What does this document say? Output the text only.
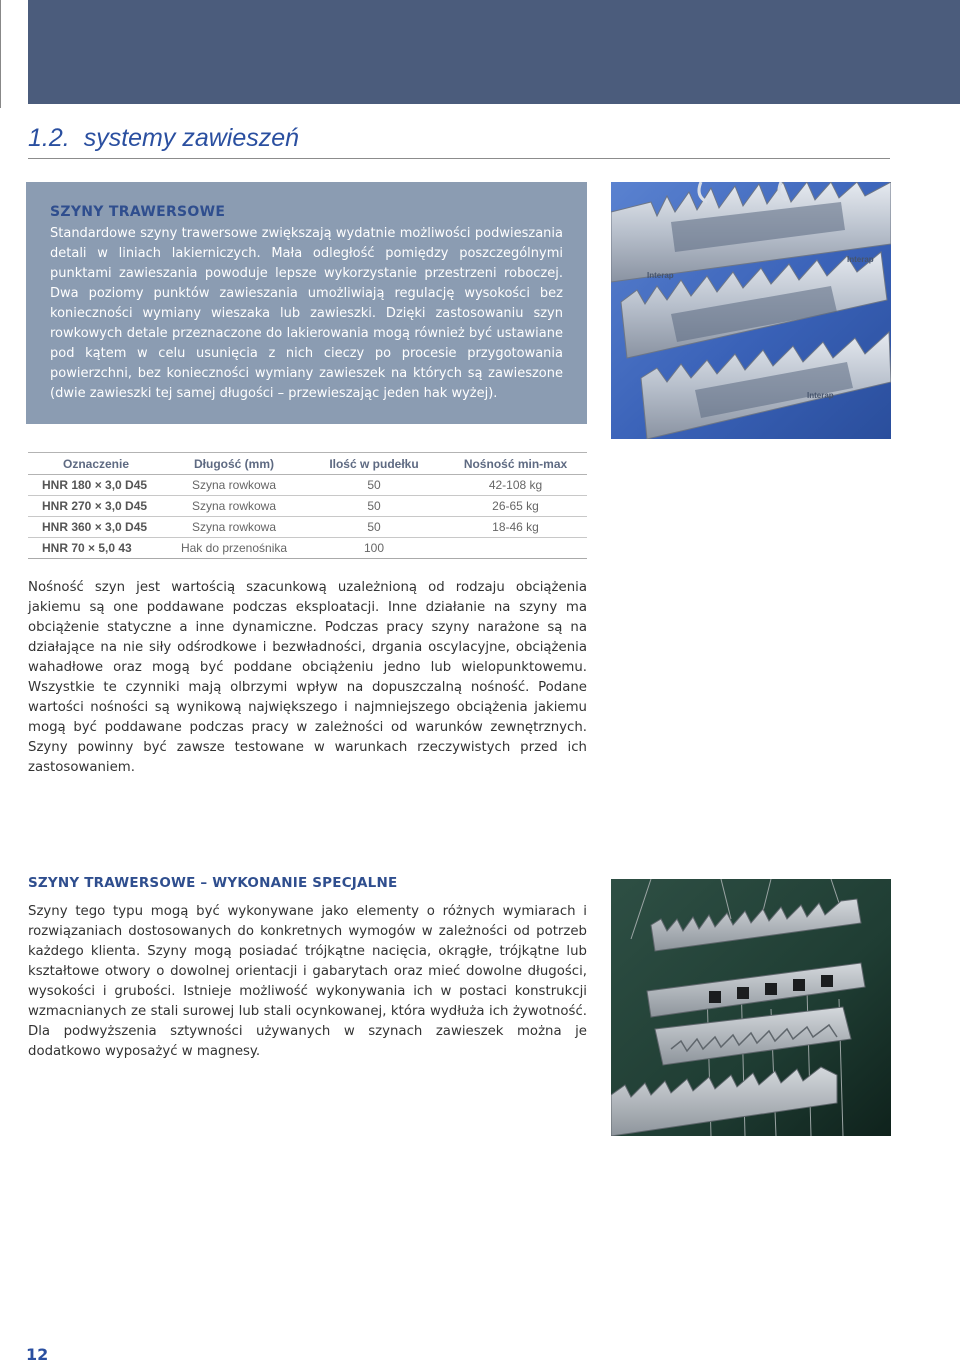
1.2. systemy zawieszeń
SZYNY TRAWERSOWE

Standardowe szyny trawersowe zwiększają wydatnie możliwości podwieszania detali w liniach lakierniczych. Mała odległość pomiędzy poszczególnymi punktami zawieszania powoduje lepsze wykorzystanie przestrzeni roboczej. Dwa poziomy punktów zawieszania umożliwiają regulację wysokości bez konieczności wymiany wieszaka lub zawieszki. Dzięki zastosowaniu szyn rowkowych detale przeznaczone do lakierowania mogą również być ustawiane pod kątem w celu usunięcia z nich cieczy po procesie przygotowania powierzchni, bez konieczności wymiany zawieszek na których są zawieszone (dwie zawieszki tej samej długości – przewieszając jeden hak wyżej).

Interap
Interap
Interap
Oznaczenie	Długość (mm)	Ilość w pudełku	Nośność min-max
HNR 180 × 3,0 D45	Szyna rowkowa	50	42-108 kg
HNR 270 × 3,0 D45	Szyna rowkowa	50	26-65 kg
HNR 360 × 3,0 D45	Szyna rowkowa	50	18-46 kg
HNR 70 × 5,0 43	Hak do przenośnika	100	

Nośność szyn jest wartością szacunkową uzależnioną od rodzaju obciążenia jakiemu są one poddawane podczas eksploatacji. Inne działanie na szyny ma obciążenie statyczne a inne dynamiczne. Podczas pracy szyny narażone są na działające na nie siły odśrodkowe i bezwładności, drgania oscylacyjne, obciążenia wahadłowe oraz mogą być poddane obciążeniu jedno lub wielopunktowemu. Wszystkie te czynniki mają olbrzymi wpływ na dopuszczalną nośność. Podane wartości nośności są wynikową największego i najmniejszego obciążenia jakiemu mogą być poddawane podczas pracy w zależności od warunków zewnętrznych. Szyny powinny być zawsze testowane w warunkach rzeczywistych przed ich zastosowaniem.

SZYNY TRAWERSOWE – WYKONANIE SPECJALNE

Szyny tego typu mogą być wykonywane jako elementy o różnych wymiarach i rozwiązaniach dostosowanych do konkretnych wymogów w zależności od potrzeb każdego klienta. Szyny mogą posiadać trójkątne nacięcia, okrągłe, trójkątne lub kształtowe otwory o dowolnej orientacji i gabarytach oraz mieć dowolne długości, wysokości i grubości. Istnieje możliwość wykonywania ich w postaci konstrukcji wzmacnianych ze stali surowej lub stali ocynkowanej, która wydłuża ich żywotność. Dla podwyższenia sztywności używanych w szynach zawieszek można je dodatkowo wyposażyć w magnesy.

12
